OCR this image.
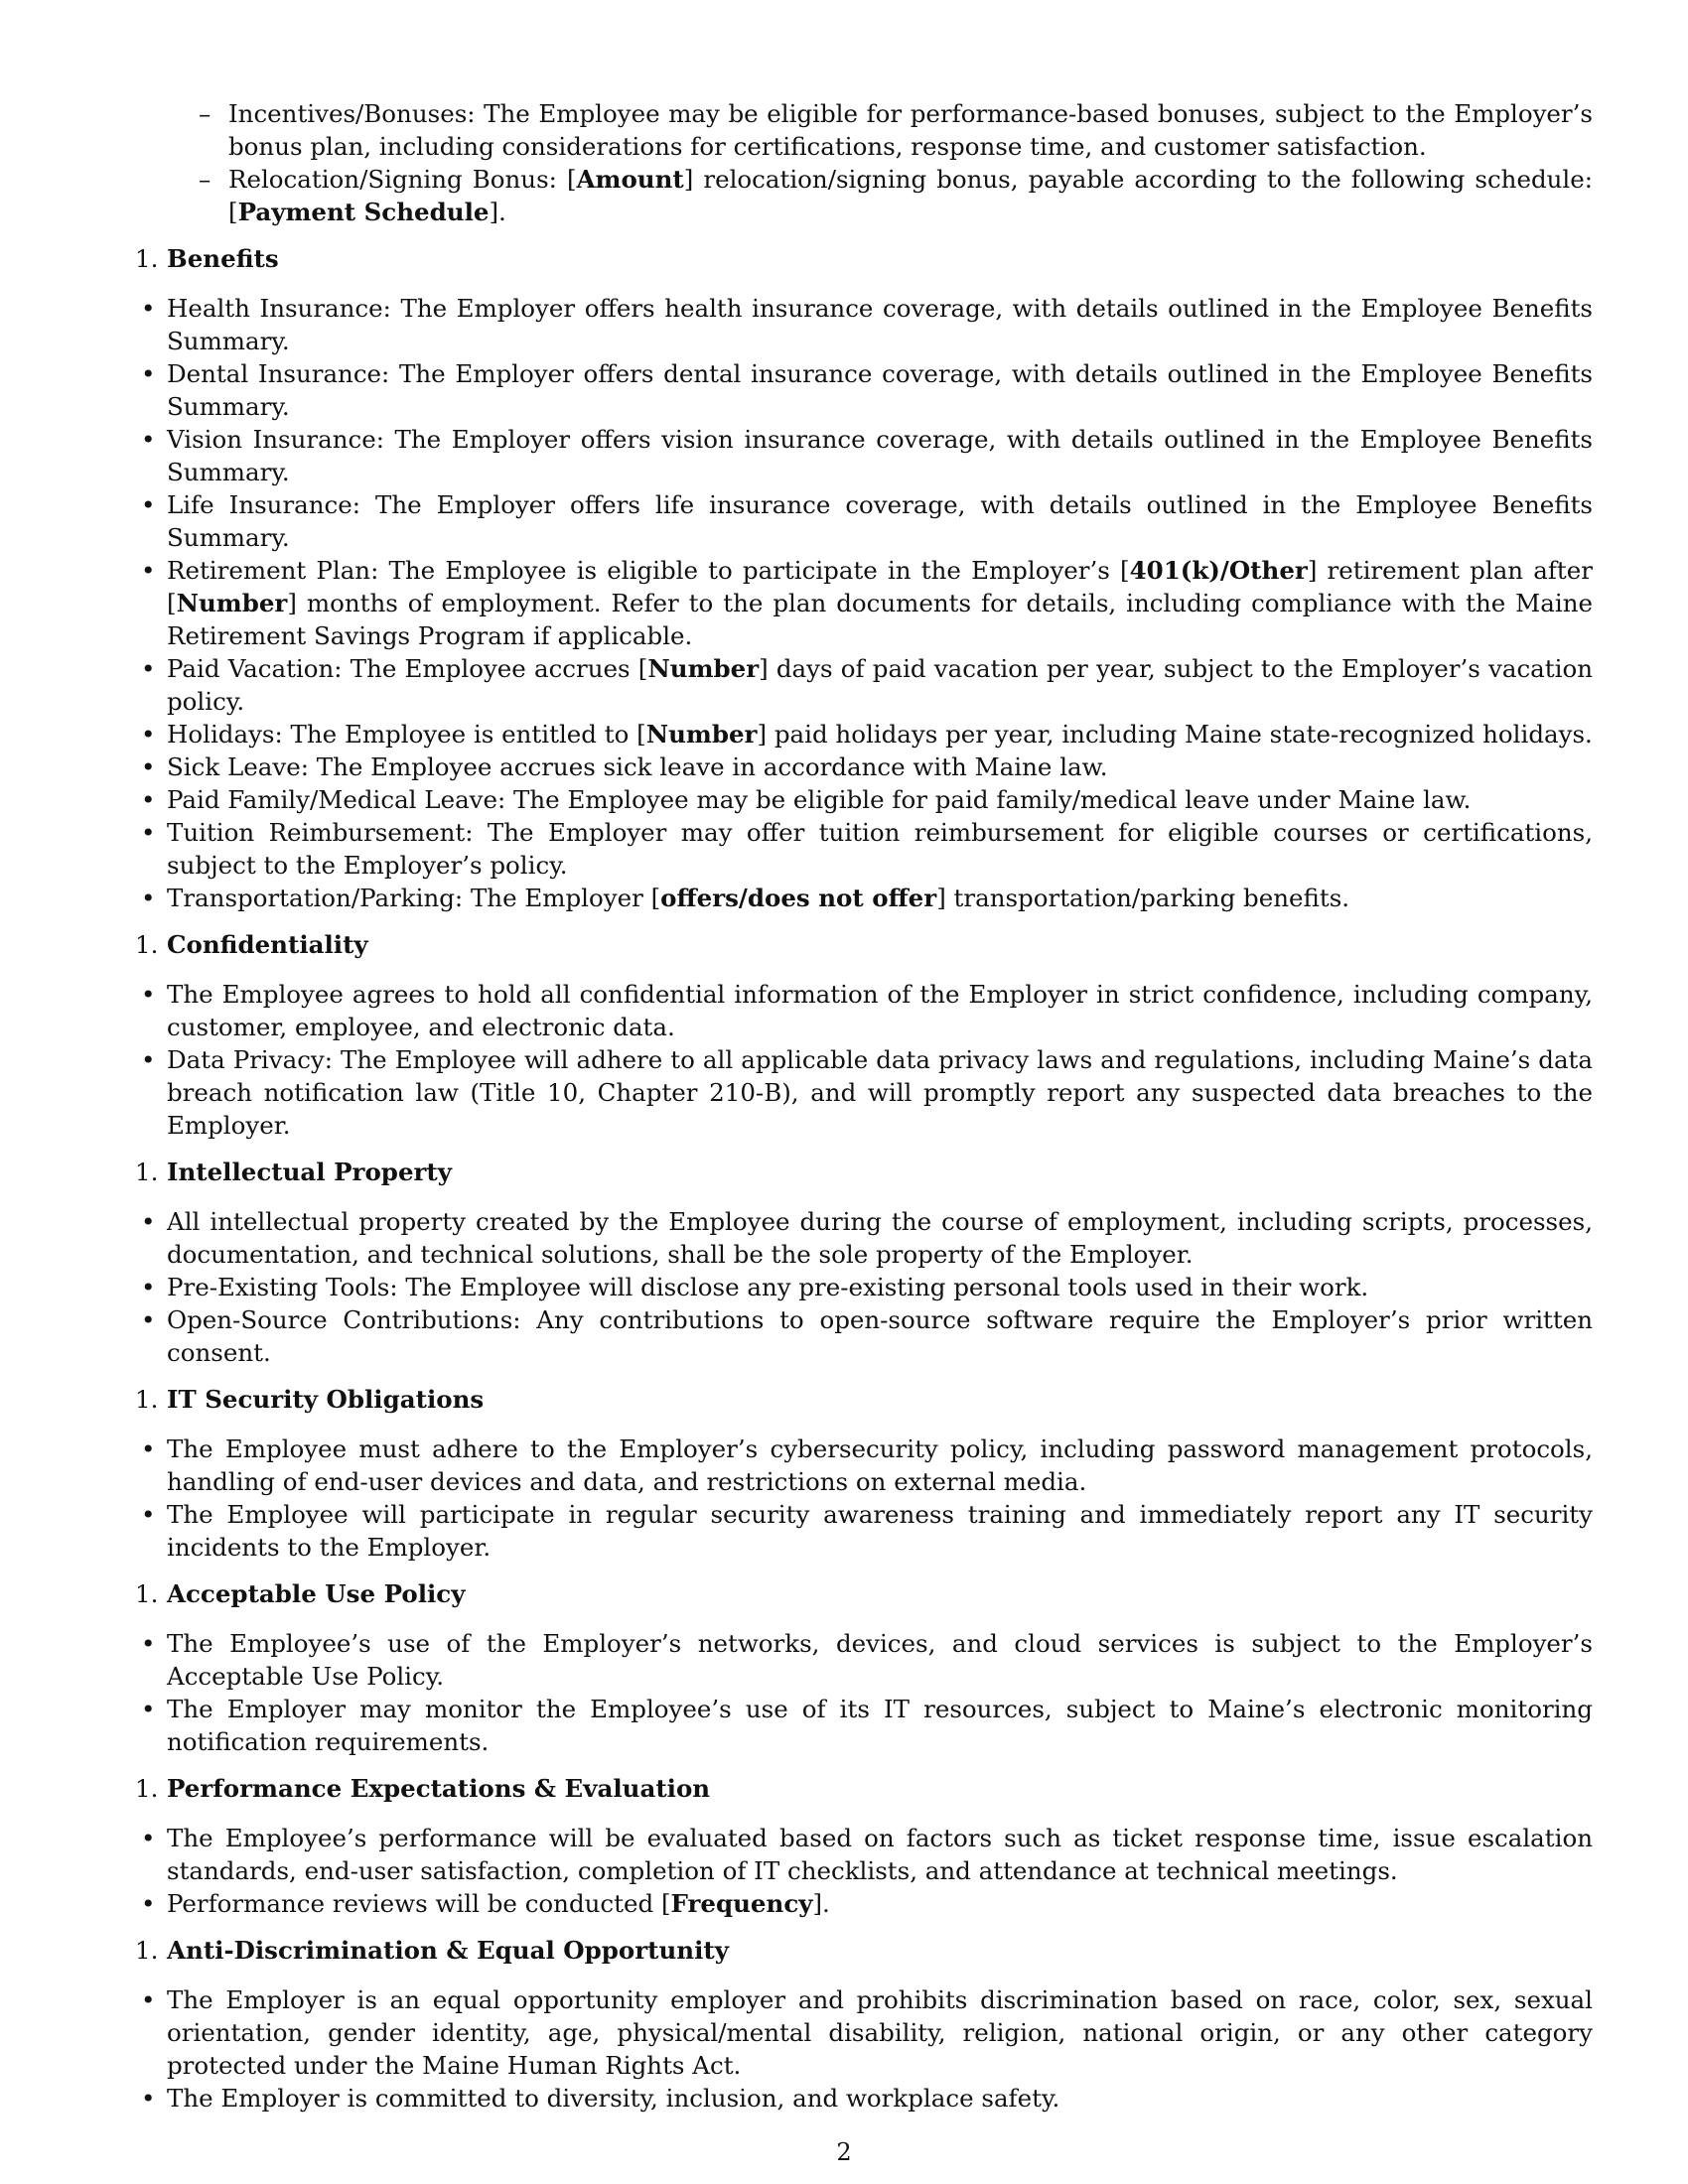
– Incentives/Bonuses: The Employee may be eligible for performance-based bonuses, subject to the Employer’s bonus plan, including considerations for certifications, response time, and customer satisfaction.
– Relocation/Signing Bonus: [Amount] relocation/signing bonus, payable according to the following schedule: [Payment Schedule].
1. Benefits
• Health Insurance: The Employer offers health insurance coverage, with details outlined in the Employee Benefits Summary.
• Dental Insurance: The Employer offers dental insurance coverage, with details outlined in the Employee Benefits Summary.
• Vision Insurance: The Employer offers vision insurance coverage, with details outlined in the Employee Benefits Summary.
• Life Insurance: The Employer offers life insurance coverage, with details outlined in the Employee Benefits Summary.
• Retirement Plan: The Employee is eligible to participate in the Employer’s [401(k)/Other] retirement plan after [Number] months of employment. Refer to the plan documents for details, including compliance with the Maine Retirement Savings Program if applicable.
• Paid Vacation: The Employee accrues [Number] days of paid vacation per year, subject to the Employer’s vacation policy.
• Holidays: The Employee is entitled to [Number] paid holidays per year, including Maine state-recognized holidays.
• Sick Leave: The Employee accrues sick leave in accordance with Maine law.
• Paid Family/Medical Leave: The Employee may be eligible for paid family/medical leave under Maine law.
• Tuition Reimbursement: The Employer may offer tuition reimbursement for eligible courses or certifications, subject to the Employer’s policy.
• Transportation/Parking: The Employer [offers/does not offer] transportation/parking benefits.
1. Confidentiality
• The Employee agrees to hold all confidential information of the Employer in strict confidence, including company, customer, employee, and electronic data.
• Data Privacy: The Employee will adhere to all applicable data privacy laws and regulations, including Maine’s data breach notification law (Title 10, Chapter 210-B), and will promptly report any suspected data breaches to the Employer.
1. Intellectual Property
• All intellectual property created by the Employee during the course of employment, including scripts, processes, documentation, and technical solutions, shall be the sole property of the Employer.
• Pre-Existing Tools: The Employee will disclose any pre-existing personal tools used in their work.
• Open-Source Contributions: Any contributions to open-source software require the Employer’s prior written consent.
1. IT Security Obligations
• The Employee must adhere to the Employer’s cybersecurity policy, including password management protocols, handling of end-user devices and data, and restrictions on external media.
• The Employee will participate in regular security awareness training and immediately report any IT security incidents to the Employer.
1. Acceptable Use Policy
• The Employee’s use of the Employer’s networks, devices, and cloud services is subject to the Employer’s Acceptable Use Policy.
• The Employer may monitor the Employee’s use of its IT resources, subject to Maine’s electronic monitoring notification requirements.
1. Performance Expectations & Evaluation
• The Employee’s performance will be evaluated based on factors such as ticket response time, issue escalation standards, end-user satisfaction, completion of IT checklists, and attendance at technical meetings.
• Performance reviews will be conducted [Frequency].
1. Anti-Discrimination & Equal Opportunity
• The Employer is an equal opportunity employer and prohibits discrimination based on race, color, sex, sexual orientation, gender identity, age, physical/mental disability, religion, national origin, or any other category protected under the Maine Human Rights Act.
• The Employer is committed to diversity, inclusion, and workplace safety.
2
